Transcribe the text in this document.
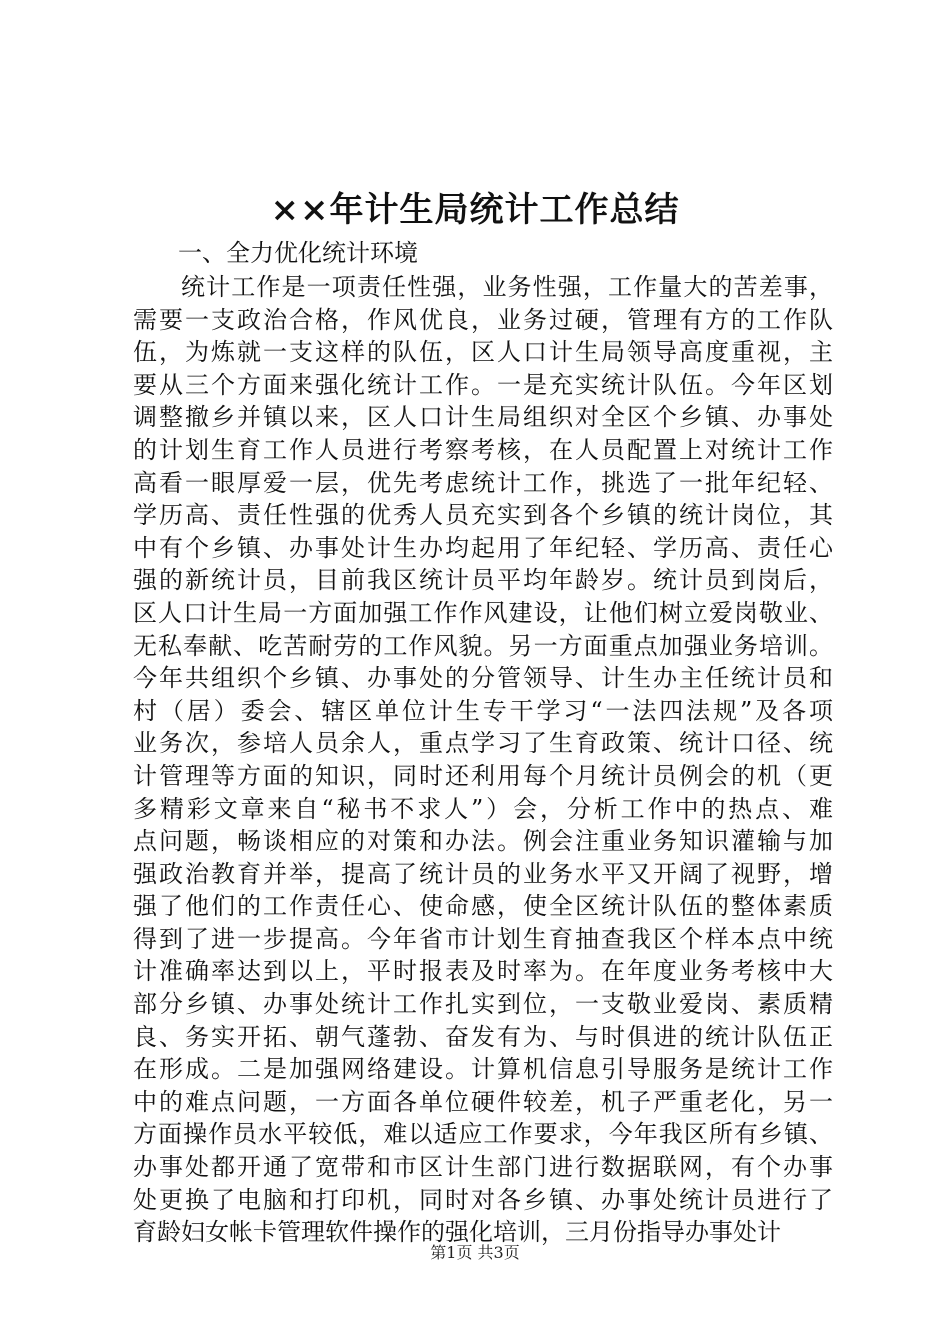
××年计生局统计工作总结

一、全力优化统计环境

统计工作是一项责任性强，业务性强，工作量大的苦差事，
需要一支政治合格，作风优良，业务过硬，管理有方的工作队
伍，为炼就一支这样的队伍，区人口计生局领导高度重视，主
要从三个方面来强化统计工作。一是充实统计队伍。今年区划
调整撤乡并镇以来，区人口计生局组织对全区个乡镇、办事处
的计划生育工作人员进行考察考核，在人员配置上对统计工作
高看一眼厚爱一层，优先考虑统计工作，挑选了一批年纪轻、
学历高、责任性强的优秀人员充实到各个乡镇的统计岗位，其
中有个乡镇、办事处计生办均起用了年纪轻、学历高、责任心
强的新统计员，目前我区统计员平均年龄岁。统计员到岗后，
区人口计生局一方面加强工作作风建设，让他们树立爱岗敬业、
无私奉献、吃苦耐劳的工作风貌。另一方面重点加强业务培训。
今年共组织个乡镇、办事处的分管领导、计生办主任统计员和
村（居）委会、辖区单位计生专干学习“一法四法规”及各项
业务次，参培人员余人，重点学习了生育政策、统计口径、统
计管理等方面的知识，同时还利用每个月统计员例会的机（更
多精彩文章来自“秘书不求人”）会，分析工作中的热点、难
点问题，畅谈相应的对策和办法。例会注重业务知识灌输与加
强政治教育并举，提高了统计员的业务水平又开阔了视野，增
强了他们的工作责任心、使命感，使全区统计队伍的整体素质
得到了进一步提高。今年省市计划生育抽查我区个样本点中统
计准确率达到以上，平时报表及时率为。在年度业务考核中大
部分乡镇、办事处统计工作扎实到位，一支敬业爱岗、素质精
良、务实开拓、朝气蓬勃、奋发有为、与时俱进的统计队伍正
在形成。二是加强网络建设。计算机信息引导服务是统计工作
中的难点问题，一方面各单位硬件较差，机子严重老化，另一
方面操作员水平较低，难以适应工作要求，今年我区所有乡镇、
办事处都开通了宽带和市区计生部门进行数据联网，有个办事
处更换了电脑和打印机，同时对各乡镇、办事处统计员进行了
育龄妇女帐卡管理软件操作的强化培训，三月份指导办事处计

第1页 共3页
